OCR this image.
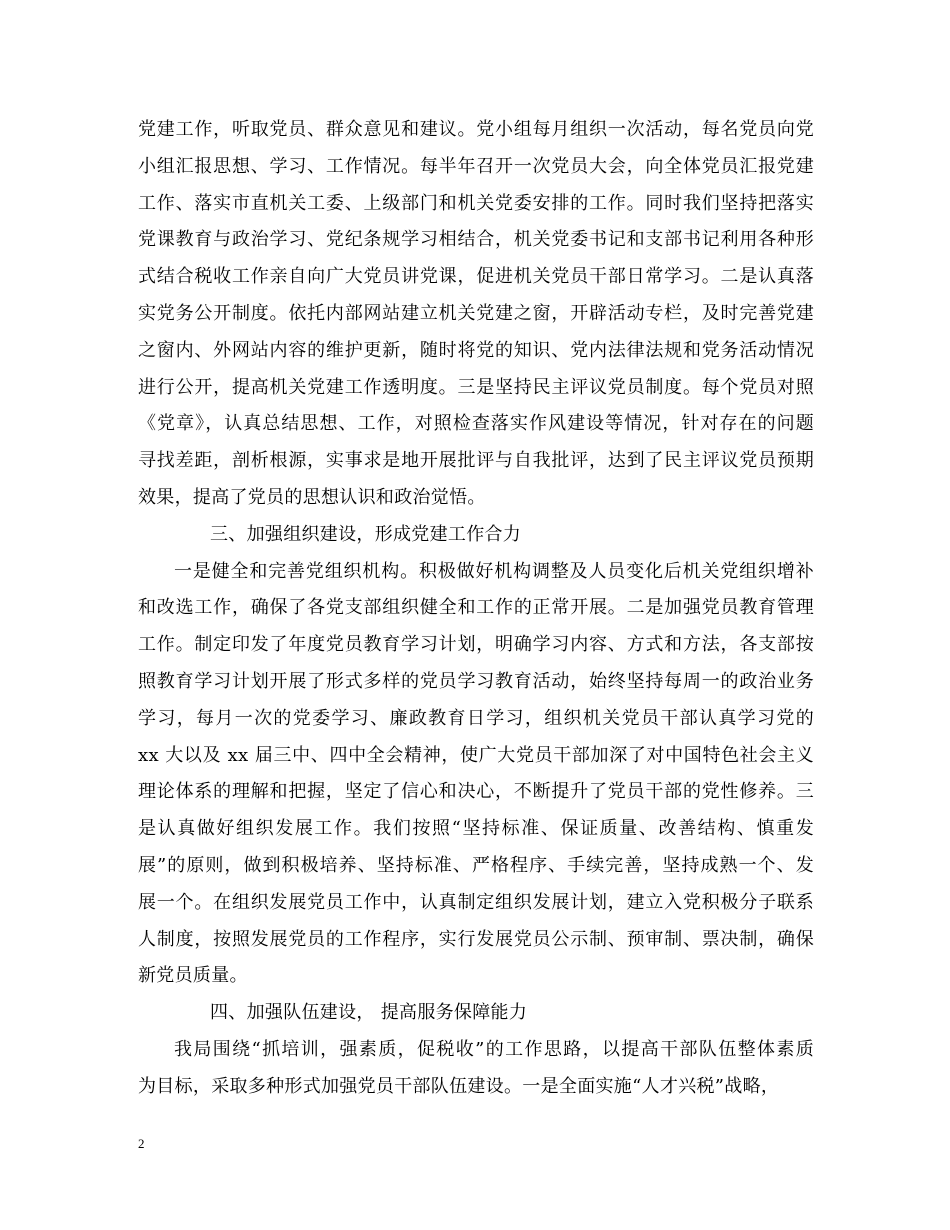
党建工作，听取党员、群众意见和建议。党小组每月组织一次活动，每名党员向党
小组汇报思想、学习、工作情况。每半年召开一次党员大会，向全体党员汇报党建
工作、落实市直机关工委、上级部门和机关党委安排的工作。同时我们坚持把落实
党课教育与政治学习、党纪条规学习相结合，机关党委书记和支部书记利用各种形
式结合税收工作亲自向广大党员讲党课，促进机关党员干部日常学习。二是认真落
实党务公开制度。依托内部网站建立机关党建之窗，开辟活动专栏，及时完善党建
之窗内、外网站内容的维护更新，随时将党的知识、党内法律法规和党务活动情况
进行公开，提高机关党建工作透明度。三是坚持民主评议党员制度。每个党员对照
《党章》，认真总结思想、工作，对照检查落实作风建设等情况，针对存在的问题
寻找差距，剖析根源，实事求是地开展批评与自我批评，达到了民主评议党员预期
效果，提高了党员的思想认识和政治觉悟。
三、加强组织建设，形成党建工作合力
一是健全和完善党组织机构。积极做好机构调整及人员变化后机关党组织增补
和改选工作，确保了各党支部组织健全和工作的正常开展。二是加强党员教育管理
工作。制定印发了年度党员教育学习计划，明确学习内容、方式和方法，各支部按
照教育学习计划开展了形式多样的党员学习教育活动，始终坚持每周一的政治业务
学习，每月一次的党委学习、廉政教育日学习，组织机关党员干部认真学习党的
xx 大以及 xx 届三中、四中全会精神，使广大党员干部加深了对中国特色社会主义
理论体系的理解和把握，坚定了信心和决心，不断提升了党员干部的党性修养。三
是认真做好组织发展工作。我们按照“坚持标准、保证质量、改善结构、慎重发
展”的原则，做到积极培养、坚持标准、严格程序、手续完善，坚持成熟一个、发
展一个。在组织发展党员工作中，认真制定组织发展计划，建立入党积极分子联系
人制度，按照发展党员的工作程序，实行发展党员公示制、预审制、票决制，确保
新党员质量。
四、加强队伍建设， 提高服务保障能力
我局围绕“抓培训，强素质，促税收”的工作思路，以提高干部队伍整体素质
为目标，采取多种形式加强党员干部队伍建设。一是全面实施“人才兴税”战略，
2
